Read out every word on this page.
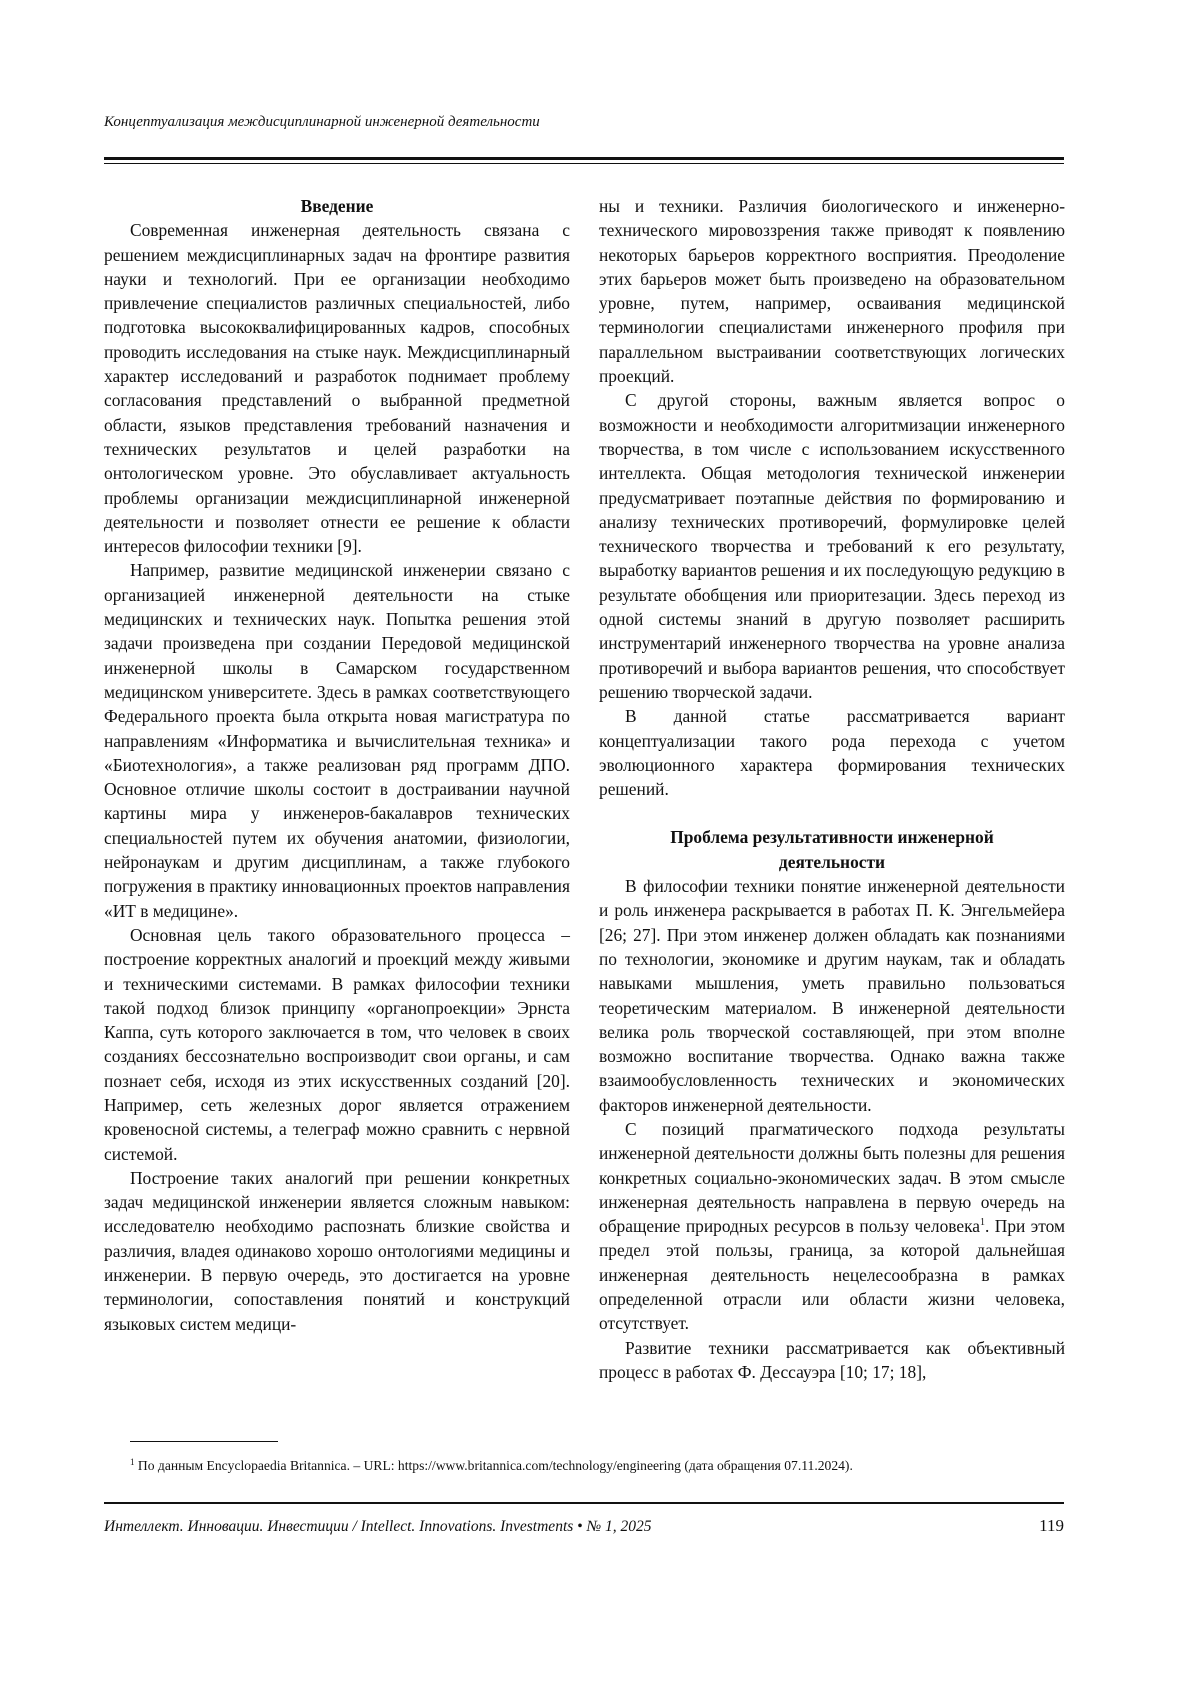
Концептуализация междисциплинарной инженерной деятельности
Введение

Современная инженерная деятельность связана с решением междисциплинарных задач на фронтире развития науки и технологий. При ее организации необходимо привлечение специалистов различных специальностей, либо подготовка высококвалифицированных кадров, способных проводить исследования на стыке наук. Междисциплинарный характер исследований и разработок поднимает проблему согласования представлений о выбранной предметной области, языков представления требований назначения и технических результатов и целей разработки на онтологическом уровне. Это обуславливает актуальность проблемы организации междисциплинарной инженерной деятельности и позволяет отнести ее решение к области интересов философии техники [9].

Например, развитие медицинской инженерии связано с организацией инженерной деятельности на стыке медицинских и технических наук. Попытка решения этой задачи произведена при создании Передовой медицинской инженерной школы в Самарском государственном медицинском университете. Здесь в рамках соответствующего Федерального проекта была открыта новая магистратура по направлениям «Информатика и вычислительная техника» и «Биотехнология», а также реализован ряд программ ДПО. Основное отличие школы состоит в достраивании научной картины мира у инженеров-бакалавров технических специальностей путем их обучения анатомии, физиологии, нейронаукам и другим дисциплинам, а также глубокого погружения в практику инновационных проектов направления «ИТ в медицине».

Основная цель такого образовательного процесса – построение корректных аналогий и проекций между живыми и техническими системами. В рамках философии техники такой подход близок принципу «органопроекции» Эрнста Каппа, суть которого заключается в том, что человек в своих созданиях бессознательно воспроизводит свои органы, и сам познает себя, исходя из этих искусственных созданий [20]. Например, сеть железных дорог является отражением кровеносной системы, а телеграф можно сравнить с нервной системой.

Построение таких аналогий при решении конкретных задач медицинской инженерии является сложным навыком: исследователю необходимо распознать близкие свойства и различия, владея одинаково хорошо онтологиями медицины и инженерии. В первую очередь, это достигается на уровне терминологии, сопоставления понятий и конструкций языковых систем медици-

ны и техники. Различия биологического и инженерно-технического мировоззрения также приводят к появлению некоторых барьеров корректного восприятия. Преодоление этих барьеров может быть произведено на образовательном уровне, путем, например, осваивания медицинской терминологии специалистами инженерного профиля при параллельном выстраивании соответствующих логических проекций.

С другой стороны, важным является вопрос о возможности и необходимости алгоритмизации инженерного творчества, в том числе с использованием искусственного интеллекта. Общая методология технической инженерии предусматривает поэтапные действия по формированию и анализу технических противоречий, формулировке целей технического творчества и требований к его результату, выработку вариантов решения и их последующую редукцию в результате обобщения или приоритезации. Здесь переход из одной системы знаний в другую позволяет расширить инструментарий инженерного творчества на уровне анализа противоречий и выбора вариантов решения, что способствует решению творческой задачи.

В данной статье рассматривается вариант концептуализации такого рода перехода с учетом эволюционного характера формирования технических решений.

Проблема результативности инженерной
деятельности

В философии техники понятие инженерной деятельности и роль инженера раскрывается в работах П. К. Энгельмейера [26; 27]. При этом инженер должен обладать как познаниями по технологии, экономике и другим наукам, так и обладать навыками мышления, уметь правильно пользоваться теоретическим материалом. В инженерной деятельности велика роль творческой составляющей, при этом вполне возможно воспитание творчества. Однако важна также взаимообусловленность технических и экономических факторов инженерной деятельности.

С позиций прагматического подхода результаты инженерной деятельности должны быть полезны для решения конкретных социально-экономических задач. В этом смысле инженерная деятельность направлена в первую очередь на обращение природных ресурсов в пользу человека$^1$. При этом предел этой пользы, граница, за которой дальнейшая инженерная деятельность нецелесообразна в рамках определенной отрасли или области жизни человека, отсутствует.

Развитие техники рассматривается как объективный процесс в работах Ф. Дессауэра [10; 17; 18],

$^1$ По данным Encyclopaedia Britannica. – URL: https://www.britannica.com/technology/engineering (дата обращения 07.11.2024).
Интеллект. Инновации. Инвестиции / Intellect. Innovations. Investments • № 1, 2025	119
